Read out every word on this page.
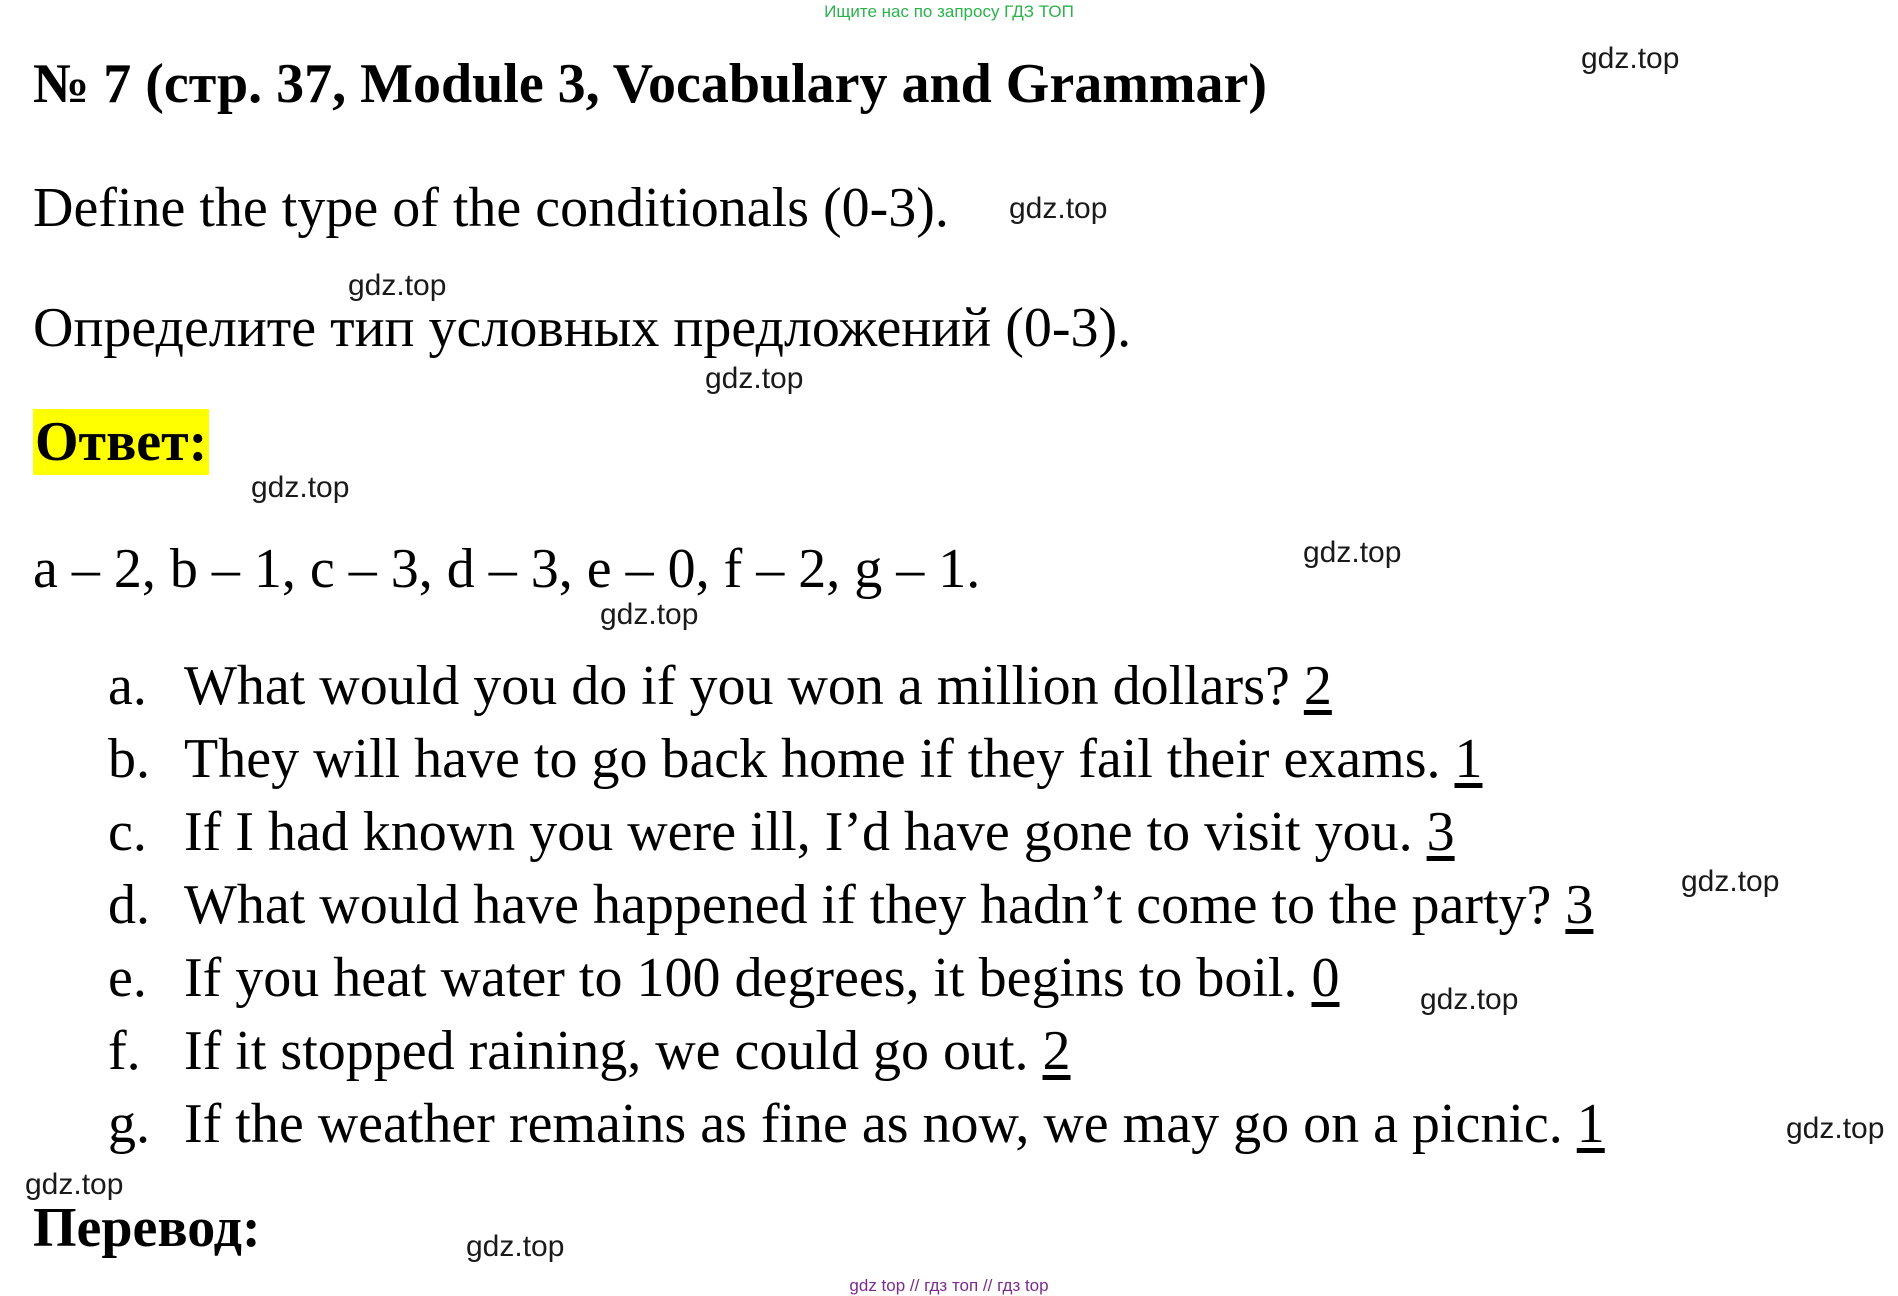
Ищите нас по запросу ГДЗ ТОП
№ 7 (стр. 37, Module 3, Vocabulary and Grammar)
Define the type of the conditionals (0-3).
Определите тип условных предложений (0-3).
Ответ:
a – 2, b – 1, c – 3, d – 3, e – 0, f – 2, g – 1.
a. What would you do if you won a million dollars? 2
b. They will have to go back home if they fail their exams. 1
c. If I had known you were ill, I’d have gone to visit you. 3
d. What would have happened if they hadn’t come to the party? 3
e. If you heat water to 100 degrees, it begins to boil. 0
f. If it stopped raining, we could go out. 2
g. If the weather remains as fine as now, we may go on a picnic. 1
Перевод:
gdz.top
gdz.top
gdz.top
gdz.top
gdz.top
gdz.top
gdz.top
gdz.top
gdz.top
gdz.top
gdz.top
gdz.top
gdz top // гдз топ // гдз top
